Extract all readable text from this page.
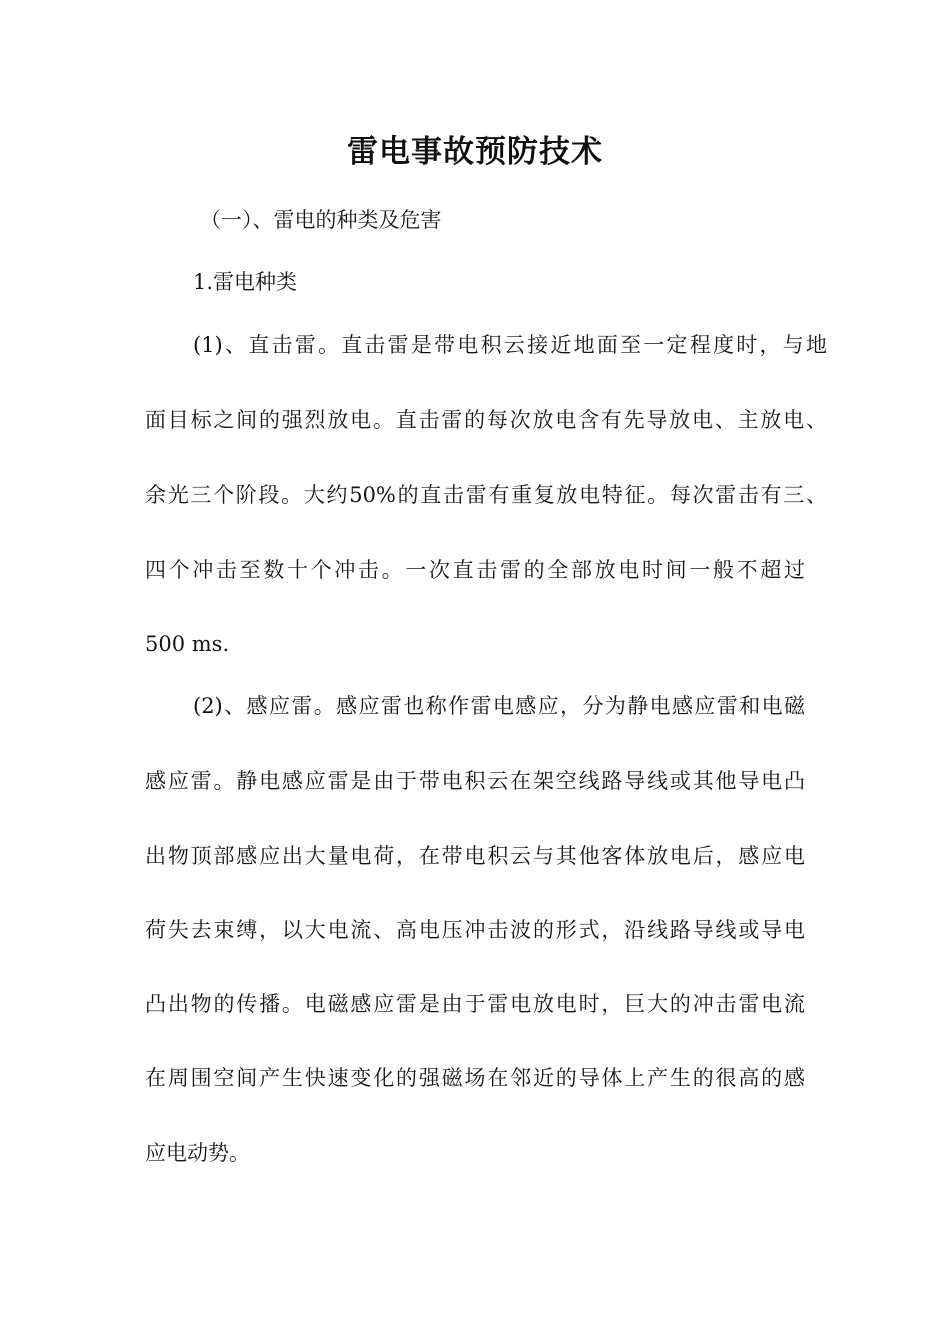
雷电事故预防技术
（一）、雷电的种类及危害
1.雷电种类
(1)、直击雷。直击雷是带电积云接近地面至一定程度时，与地
面目标之间的强烈放电。直击雷的每次放电含有先导放电、主放电、
余光三个阶段。大约50%的直击雷有重复放电特征。每次雷击有三、
四个冲击至数十个冲击。一次直击雷的全部放电时间一般不超过
500 ms.
(2)、感应雷。感应雷也称作雷电感应，分为静电感应雷和电磁
感应雷。静电感应雷是由于带电积云在架空线路导线或其他导电凸
出物顶部感应出大量电荷，在带电积云与其他客体放电后，感应电
荷失去束缚，以大电流、高电压冲击波的形式，沿线路导线或导电
凸出物的传播。电磁感应雷是由于雷电放电时，巨大的冲击雷电流
在周围空间产生快速变化的强磁场在邻近的导体上产生的很高的感
应电动势。
